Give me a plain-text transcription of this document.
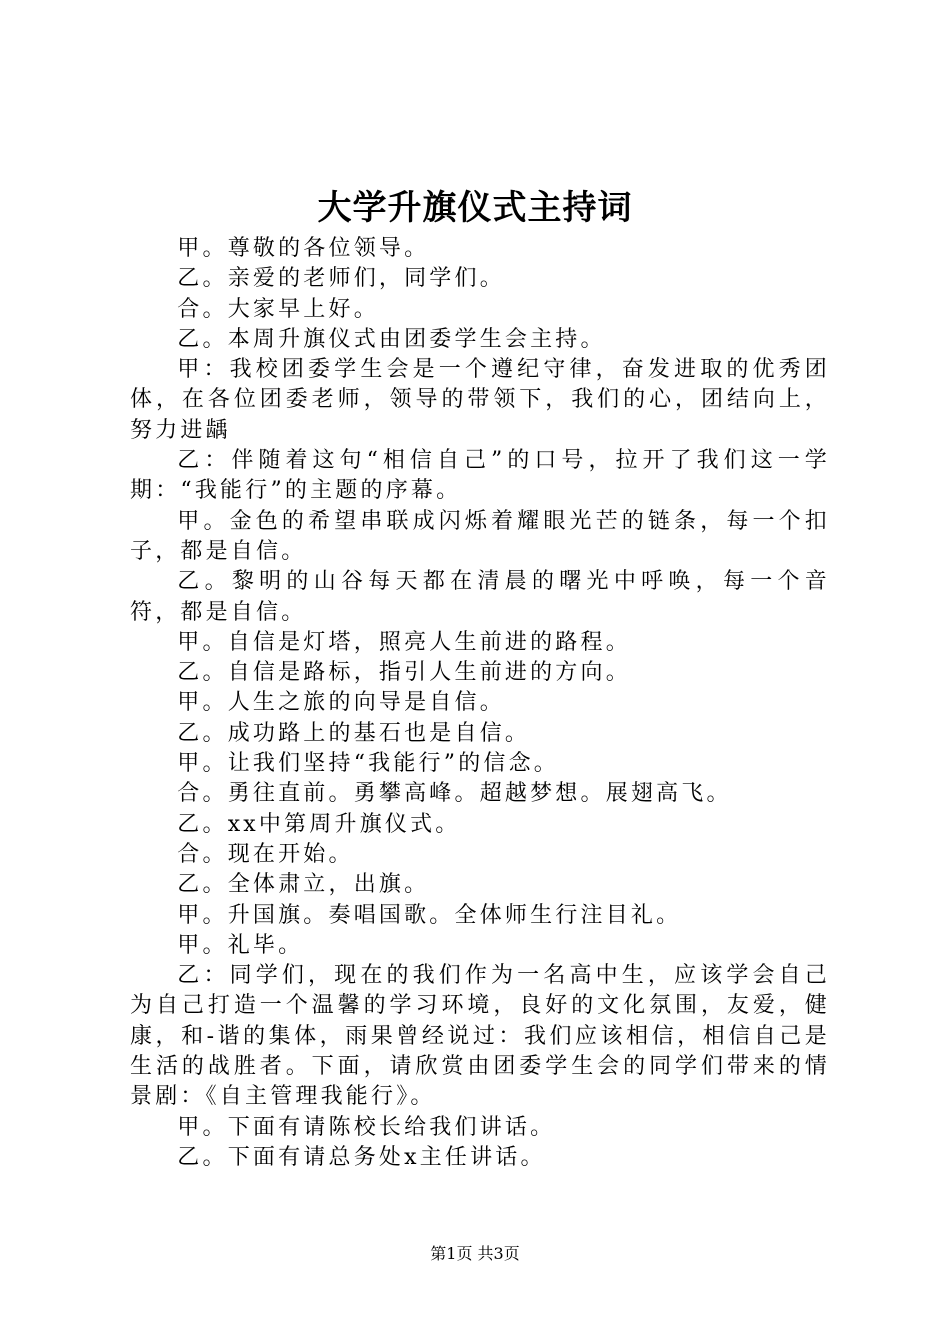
大学升旗仪式主持词

甲。尊敬的各位领导。

乙。亲爱的老师们，同学们。

合。大家早上好。

乙。本周升旗仪式由团委学生会主持。

甲：我校团委学生会是一个遵纪守律，奋发进取的优秀团体，在各位团委老师，领导的带领下，我们的心，团结向上，努力进龋

乙：伴随着这句“相信自己”的口号，拉开了我们这一学期：“我能行”的主题的序幕。

甲。金色的希望串联成闪烁着耀眼光芒的链条，每一个扣子，都是自信。

乙。黎明的山谷每天都在清晨的曙光中呼唤，每一个音符，都是自信。

甲。自信是灯塔，照亮人生前进的路程。

乙。自信是路标，指引人生前进的方向。

甲。人生之旅的向导是自信。

乙。成功路上的基石也是自信。

甲。让我们坚持“我能行”的信念。

合。勇往直前。勇攀高峰。超越梦想。展翅高飞。

乙。xx中第周升旗仪式。

合。现在开始。

乙。全体肃立，出旗。

甲。升国旗。奏唱国歌。全体师生行注目礼。

甲。礼毕。

乙：同学们，现在的我们作为一名高中生，应该学会自己为自己打造一个温馨的学习环境，良好的文化氛围，友爱，健康，和-谐的集体，雨果曾经说过：我们应该相信，相信自己是生活的战胜者。下面，请欣赏由团委学生会的同学们带来的情景剧：《自主管理我能行》。

甲。下面有请陈校长给我们讲话。

乙。下面有请总务处x主任讲话。

第1页 共3页
